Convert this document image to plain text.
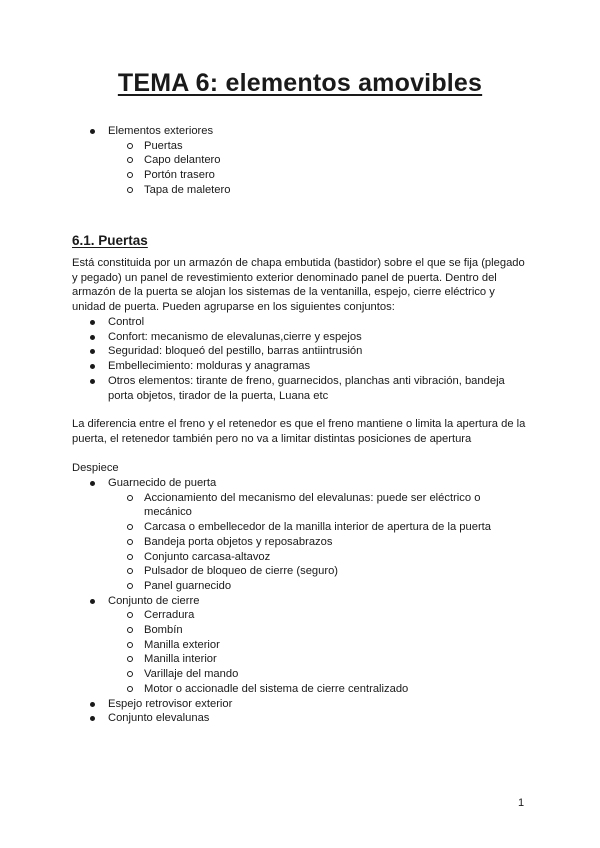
TEMA 6: elementos amovibles
Elementos exteriores
Puertas
Capo delantero
Portón trasero
Tapa de maletero
6.1. Puertas

Está constituida por un armazón de chapa embutida (bastidor) sobre el que se fija (plegado

y pegado) un panel de revestimiento exterior denominado panel de puerta. Dentro del

armazón de la puerta se alojan los sistemas de la ventanilla, espejo, cierre eléctrico y

unidad de puerta. Pueden agruparse en los siguientes conjuntos:

Control
Confort: mecanismo de elevalunas,cierre y espejos
Seguridad: bloqueó del pestillo, barras antiintrusión
Embellecimiento: molduras y anagramas
Otros elementos: tirante de freno, guarnecidos, planchas anti vibración, bandeja
porta objetos, tirador de la puerta, Luana etc

La diferencia entre el freno y el retenedor es que el freno mantiene o limita la apertura de la

puerta, el retenedor también pero no va a limitar distintas posiciones de apertura

Despiece
Guarnecido de puerta
Accionamiento del mecanismo del elevalunas: puede ser eléctrico o
mecánico
Carcasa o embellecedor de la manilla interior de apertura de la puerta
Bandeja porta objetos y reposabrazos
Conjunto carcasa-altavoz
Pulsador de bloqueo de cierre (seguro)
Panel guarnecido
Conjunto de cierre
Cerradura
Bombín
Manilla exterior
Manilla interior
Varillaje del mando
Motor o accionadle del sistema de cierre centralizado
Espejo retrovisor exterior
Conjunto elevalunas
1
